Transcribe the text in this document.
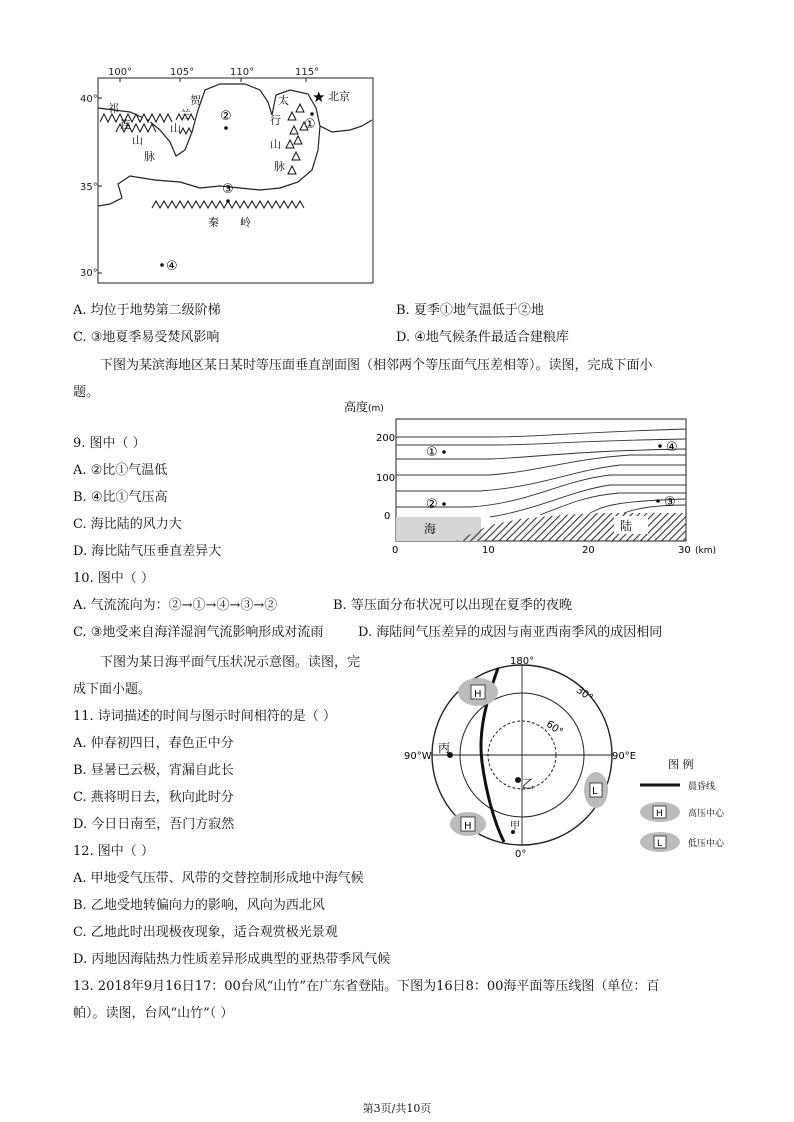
100°	105°	110°	115°
40°
35°
30°
祁
连
山
脉
贺
兰
山
太
行
山
脉
秦 岭
★ 北京
①
②
③
④
A. 均位于地势第二级阶梯	B. 夏季①地气温低于②地
C. ③地夏季易受焚风影响	D. ④地气候条件最适合建粮库
下图为某滨海地区某日某时等压面垂直剖面图（相邻两个等压面气压差相等）。读图，完成下面小
题。
高度 (m)
200
100
0
海	陆
①
②	③
④
0	10	20	30 (km)
9. 图中（ ）
A. ②比①气温低
B. ④比①气压高
C. 海比陆的风力大
D. 海比陆气压垂直差异大
10. 图中（ ）
A. 气流流向为：②→①→④→③→②	B. 等压面分布状况可以出现在夏季的夜晚
C. ③地受来自海洋湿润气流影响形成对流雨	D. 海陆间气压差异的成因与南亚西南季风的成因相同
下图为某日海平面气压状况示意图。读图，完
成下面小题。
180°
30°
60°
90°W	90°E
0°
丙
乙
甲
H
H
L
图 例
晨昏线
H	高压中心
L	低压中心
11. 诗词描述的时间与图示时间相符的是（ ）
A. 仲春初四日，春色正中分
B. 昼暑已云极，宵漏自此长
C. 燕将明日去，秋向此时分
D. 今日日南至，吾门方寂然
12. 图中（ ）
A. 甲地受气压带、风带的交替控制形成地中海气候
B. 乙地受地转偏向力的影响，风向为西北风
C. 乙地此时出现极夜现象，适合观赏极光景观
D. 丙地因海陆热力性质差异形成典型的亚热带季风气候
13. 2018年9月16日17：00台风“山竹”在广东省登陆。下图为16日8：00海平面等压线图（单位：百
帕）。读图，台风“山竹”（ ）
第3页/共10页
